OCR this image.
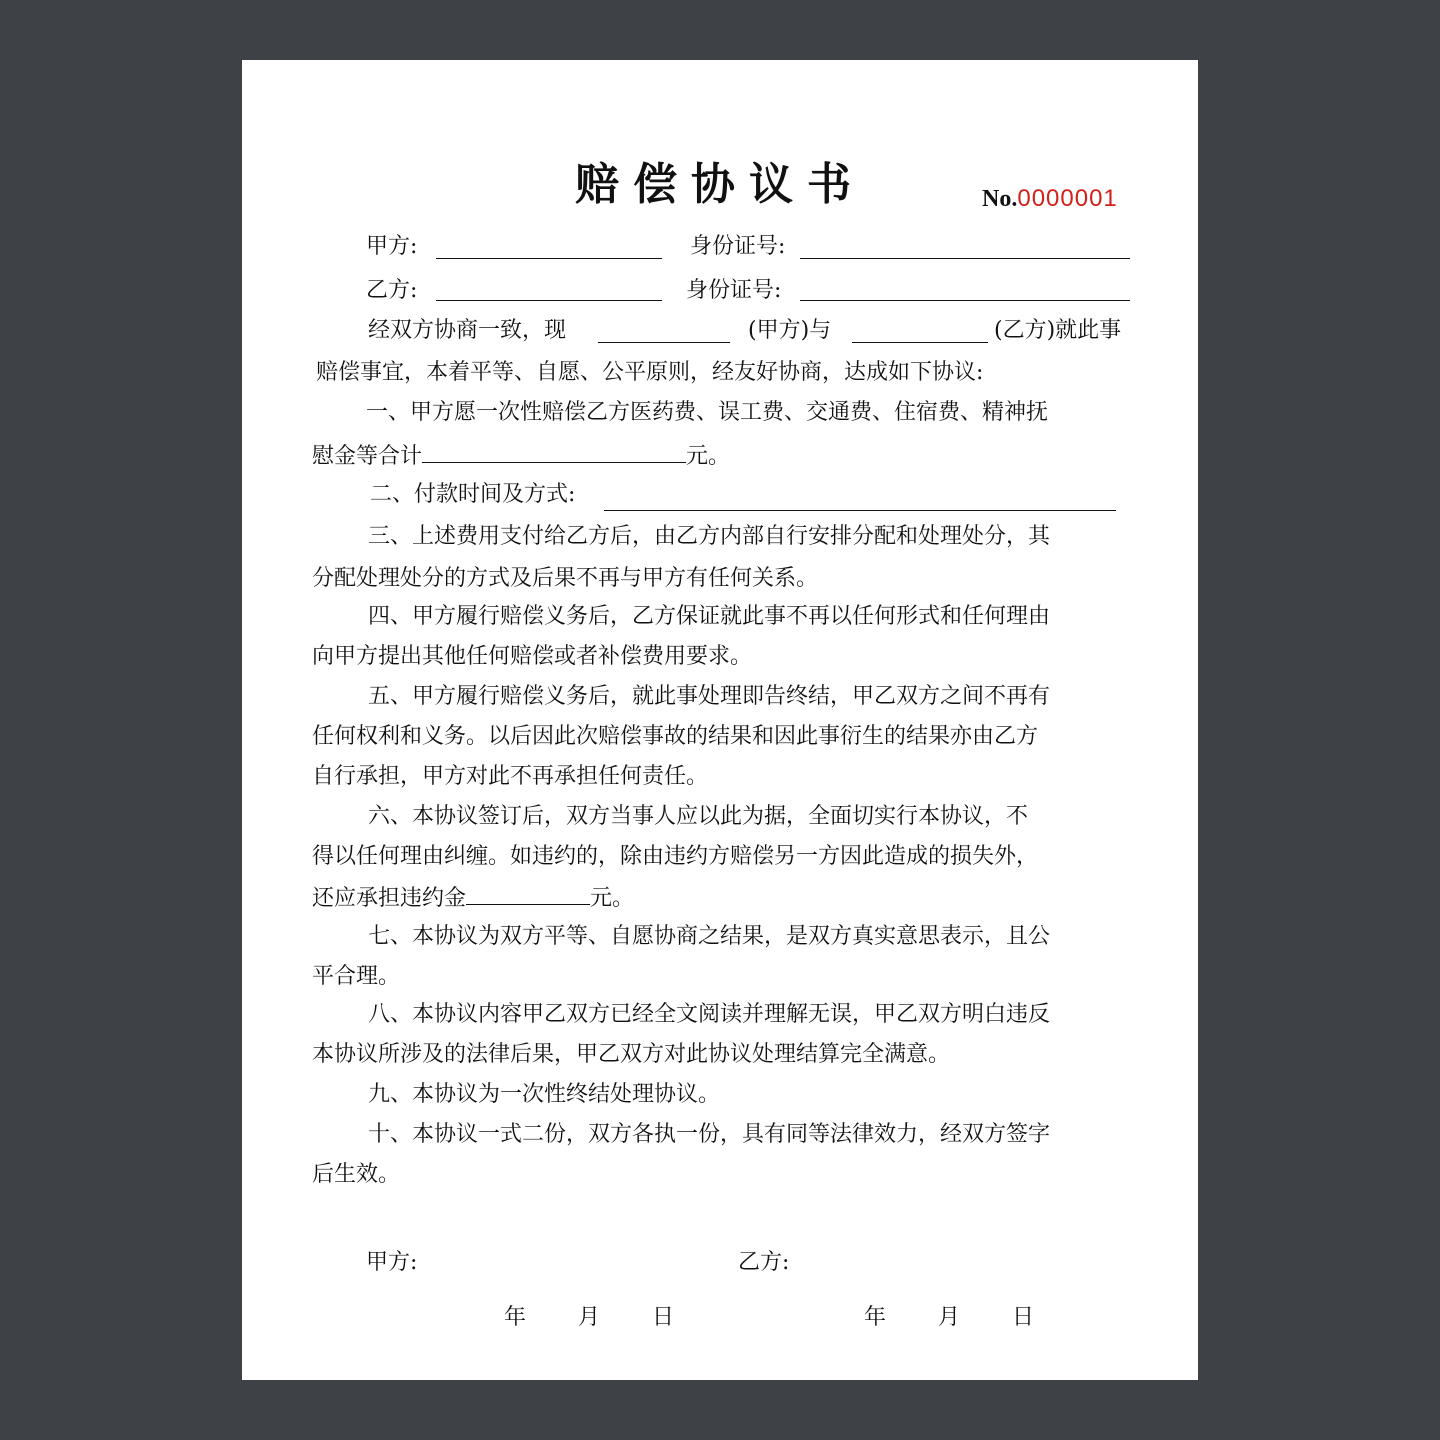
赔偿协议书	No.0000001
甲方:	身份证号:
乙方:	身份证号:
经双方协商一致，现	(甲方)与	(乙方)就此事
赔偿事宜，本着平等、自愿、公平原则，经友好协商，达成如下协议:
一、甲方愿一次性赔偿乙方医药费、误工费、交通费、住宿费、精神抚
慰金等合计	元。
二、付款时间及方式:
三、上述费用支付给乙方后，由乙方内部自行安排分配和处理处分，其
分配处理处分的方式及后果不再与甲方有任何关系。
四、甲方履行赔偿义务后，乙方保证就此事不再以任何形式和任何理由
向甲方提出其他任何赔偿或者补偿费用要求。
五、甲方履行赔偿义务后，就此事处理即告终结，甲乙双方之间不再有
任何权利和义务。以后因此次赔偿事故的结果和因此事衍生的结果亦由乙方
自行承担，甲方对此不再承担任何责任。
六、本协议签订后，双方当事人应以此为据，全面切实行本协议，不
得以任何理由纠缠。如违约的，除由违约方赔偿另一方因此造成的损失外，
还应承担违约金	元。
七、本协议为双方平等、自愿协商之结果，是双方真实意思表示，且公
平合理。
八、本协议内容甲乙双方已经全文阅读并理解无误，甲乙双方明白违反
本协议所涉及的法律后果，甲乙双方对此协议处理结算完全满意。
九、本协议为一次性终结处理协议。
十、本协议一式二份，双方各执一份，具有同等法律效力，经双方签字
后生效。
甲方:	乙方:
年 月 日	年 月 日
